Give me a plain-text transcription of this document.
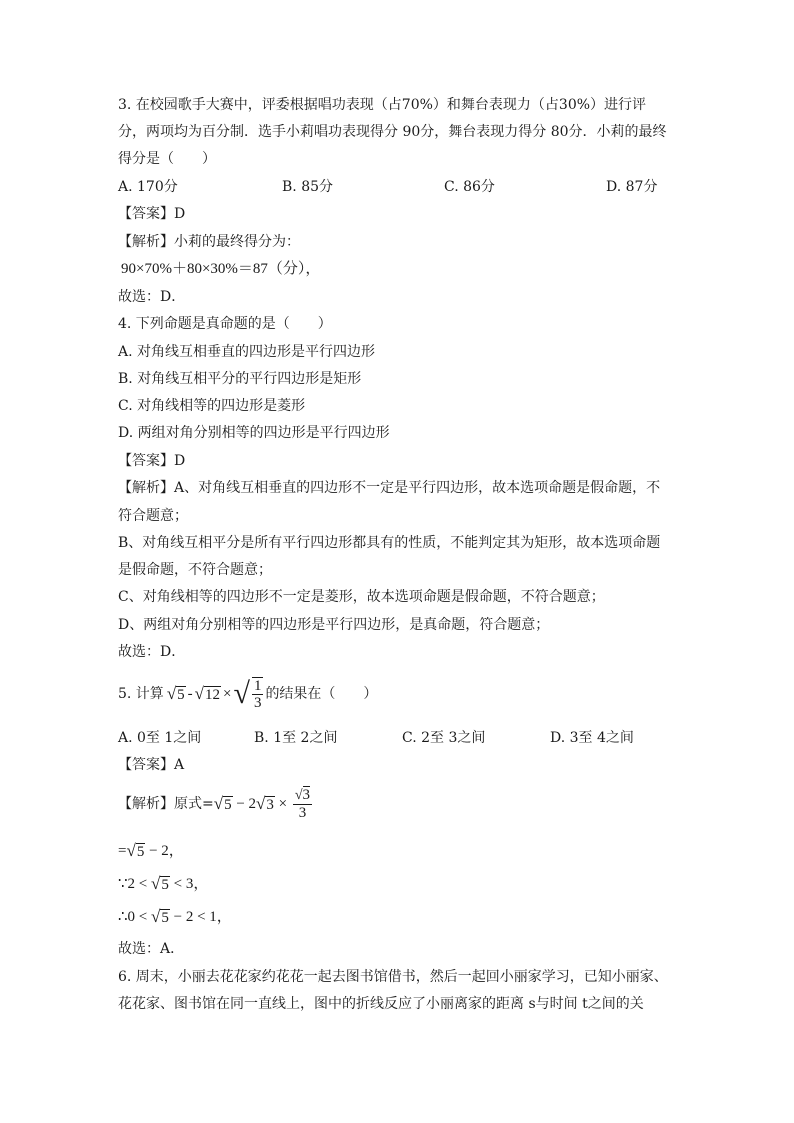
3. 在校园歌手大赛中，评委根据唱功表现（占70%）和舞台表现力（占30%）进行评
分，两项均为百分制．选手小莉唱功表现得分 90分，舞台表现力得分 80分．小莉的最终
得分是（　　）
A. 170分	B. 85分	C. 86分	D. 87分
【答案】D
【解析】小莉的最终得分为：
90×70%＋80×30%＝87（分），
故选：D．
4. 下列命题是真命题的是（　　）
A. 对角线互相垂直的四边形是平行四边形
B. 对角线互相平分的平行四边形是矩形
C. 对角线相等的四边形是菱形
D. 两组对角分别相等的四边形是平行四边形
【答案】D
【解析】A、对角线互相垂直的四边形不一定是平行四边形，故本选项命题是假命题，不
符合题意；
B、对角线互相平分是所有平行四边形都具有的性质，不能判定其为矩形，故本选项命题
是假命题，不符合题意；
C、对角线相等的四边形不一定是菱形，故本选项命题是假命题，不符合题意；
D、两组对角分别相等的四边形是平行四边形，是真命题，符合题意；
故选：D．
5. 计算 √5 - √12 × √ $\frac{1}{3}$ 的结果在（　　）
A. 0至 1之间	B. 1至 2之间	C. 2至 3之间	D. 3至 4之间
【答案】A
【解析】原式= √5 − 2 $√3 \times \frac{√3}{3}$
=√5 − 2，
∵2 < √5 < 3，
∴0 < √5 − 2 < 1，
故选：A．
6. 周末，小丽去花花家约花花一起去图书馆借书，然后一起回小丽家学习，已知小丽家、
花花家、图书馆在同一直线上，图中的折线反应了小丽离家的距离 s与时间 t之间的关
